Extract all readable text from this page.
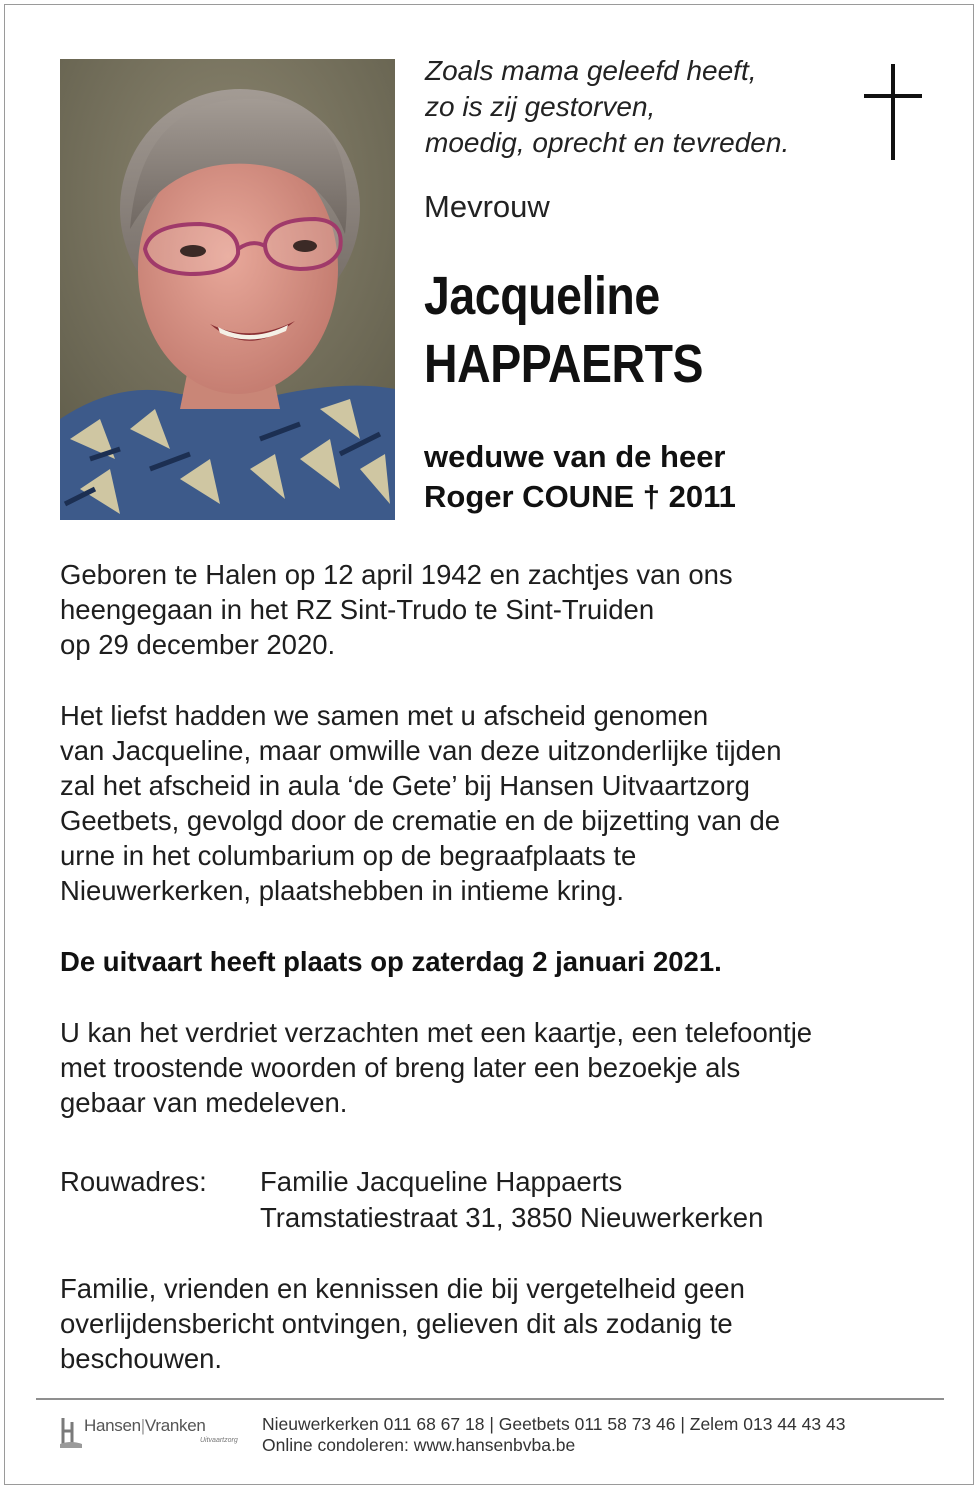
Zoals mama geleefd heeft,
zo is zij gestorven,
moedig, oprecht en tevreden.
Mevrouw
Jacqueline
HAPPAERTS
weduwe van de heer
Roger COUNE † 2011
Geboren te Halen op 12 april 1942 en zachtjes van ons
heengegaan in het RZ Sint-Trudo te Sint-Truiden
op 29 december 2020.
Het liefst hadden we samen met u afscheid genomen
van Jacqueline, maar omwille van deze uitzonderlijke tijden
zal het afscheid in aula ‘de Gete’ bij Hansen Uitvaartzorg
Geetbets, gevolgd door de crematie en de bijzetting van de
urne in het columbarium op de begraafplaats te
Nieuwerkerken, plaatshebben in intieme kring.
De uitvaart heeft plaats op zaterdag 2 januari 2021.
U kan het verdriet verzachten met een kaartje, een telefoontje
met troostende woorden of breng later een bezoekje als
gebaar van medeleven.
Rouwadres: Familie Jacqueline Happaerts
Tramstatiestraat 31, 3850 Nieuwerkerken
Familie, vrienden en kennissen die bij vergetelheid geen
overlijdensbericht ontvingen, gelieven dit als zodanig te
beschouwen.
Hansen|Vranken
Uitvaartzorg
Nieuwerkerken 011 68 67 18 | Geetbets 011 58 73 46 | Zelem 013 44 43 43
Online condoleren: www.hansenbvba.be
